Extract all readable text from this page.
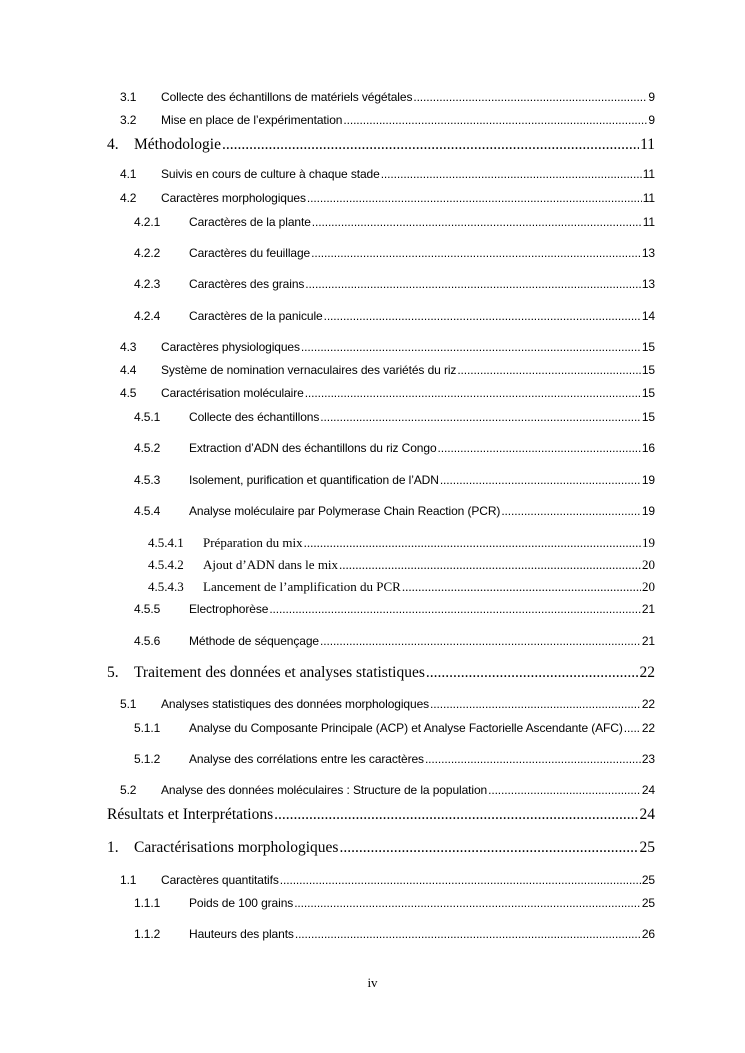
3.1	Collecte des échantillons de matériels végétales .....	9
3.2	Mise en place de l’expérimentation .....	9
4. Méthodologie .....	11
4.1	Suivis en cours de culture à chaque stade .....	11
4.2	Caractères morphologiques .....	11
4.2.1	Caractères de la plante .....	11
4.2.2	Caractères du feuillage .....	13
4.2.3	Caractères des grains .....	13
4.2.4	Caractères de la panicule .....	14
4.3	Caractères physiologiques .....	15
4.4	Système de nomination vernaculaires des variétés du riz .....	15
4.5	Caractérisation moléculaire .....	15
4.5.1	Collecte des échantillons .....	15
4.5.2	Extraction d’ADN des échantillons du riz Congo .....	16
4.5.3	Isolement, purification et quantification de l’ADN .....	19
4.5.4	Analyse moléculaire par Polymerase Chain Reaction (PCR) .....	19
4.5.4.1	Préparation du mix .....	19
4.5.4.2	Ajout d’ADN dans le mix .....	20
4.5.4.3	Lancement de l’amplification du PCR .....	20
4.5.5	Electrophorèse .....	21
4.5.6	Méthode de séquençage .....	21
5. Traitement des données et analyses statistiques .....	22
5.1	Analyses statistiques des données morphologiques .....	22
5.1.1	Analyse du Composante Principale (ACP) et Analyse Factorielle Ascendante (AFC) ..... 22
5.1.2	Analyse des corrélations entre les caractères .....	23
5.2	Analyse des données moléculaires : Structure de la population .....	24
Résultats et Interprétations .....	24
1. Caractérisations morphologiques .....	25
1.1	Caractères quantitatifs .....	25
1.1.1	Poids de 100 grains .....	25
1.1.2	Hauteurs des plants .....	26
iv
